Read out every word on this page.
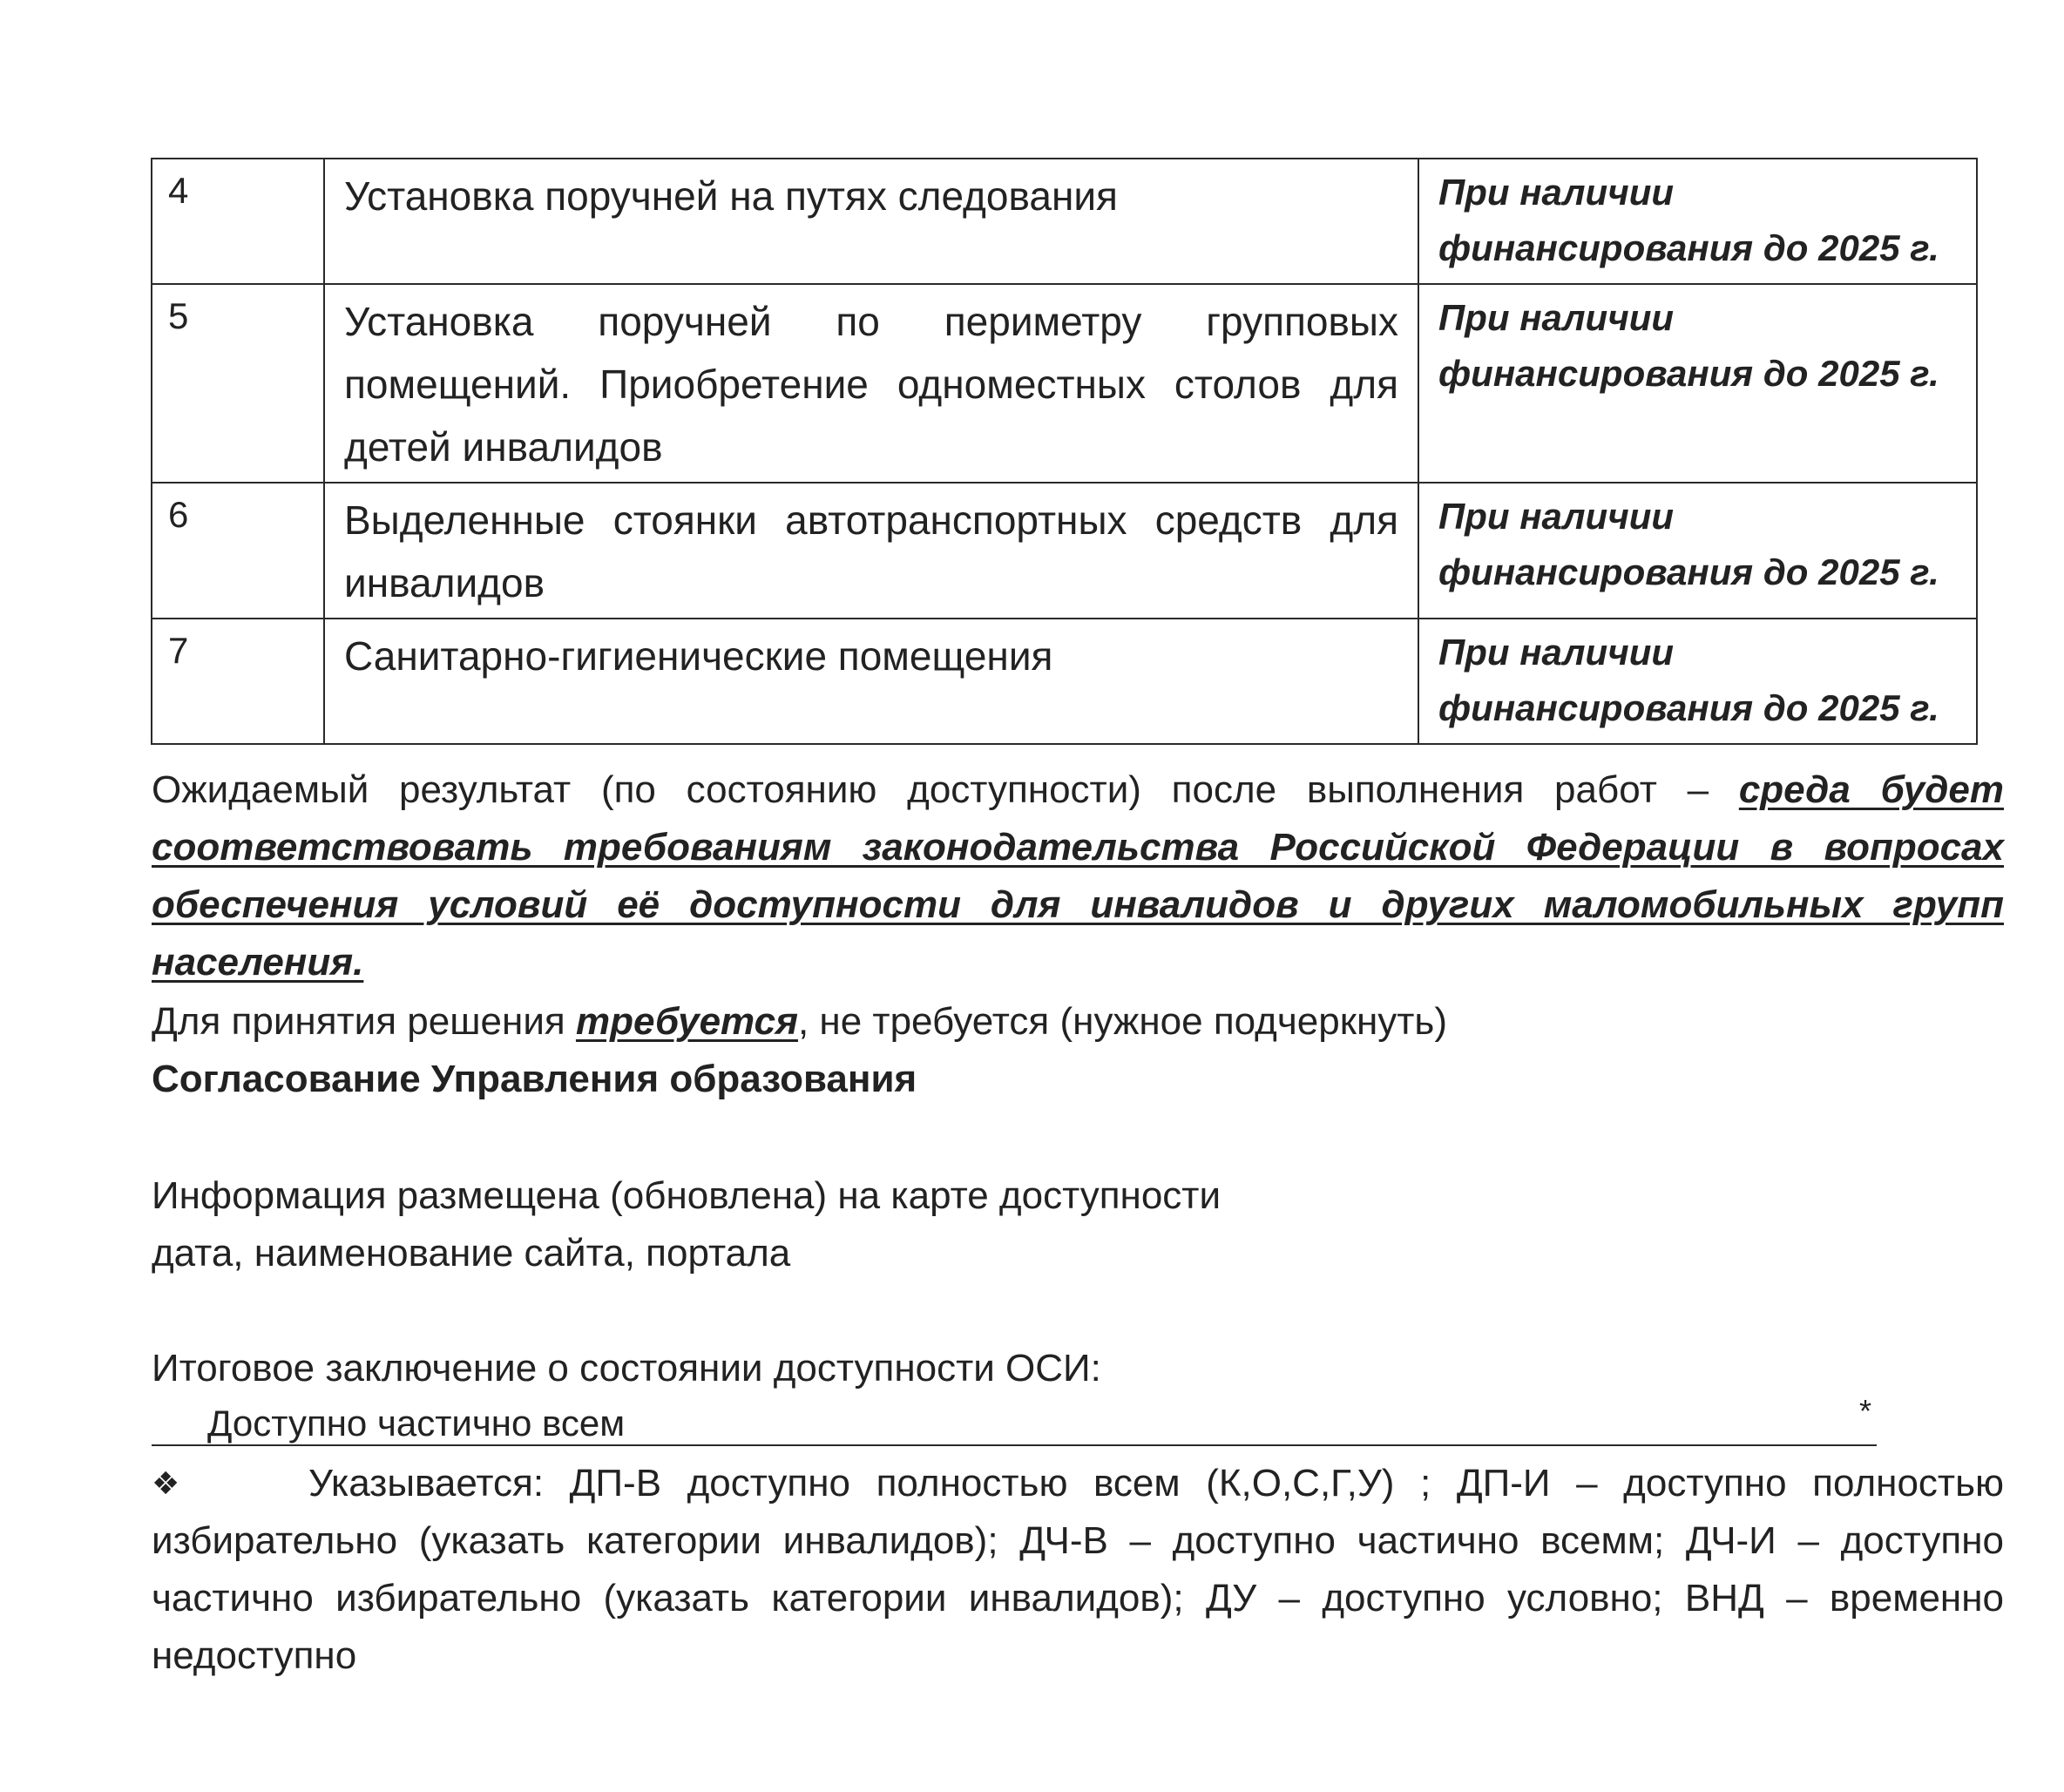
4	Установка поручней на путях следования	При наличии
финансирования до 2025 г.

5	Установка поручней по периметру групповых помещений. Приобретение одноместных столов для детей инвалидов	При наличии
финансирования до 2025 г.

6	Выделенные стоянки автотранспортных средств для инвалидов	При наличии
финансирования до 2025 г.

7	Санитарно-гигиенические помещения	При наличии
финансирования до 2025 г.
Ожидаемый результат (по состоянию доступности) после выполнения работ – среда будет соответствовать требованиям законодательства Российской Федерации в вопросах обеспечения условий её доступности для инвалидов и других маломобильных групп населения.
Для принятия решения требуется, не требуется (нужное подчеркнуть)
Согласование Управления образования
Информация размещена (обновлена) на карте доступности
дата, наименование сайта, портала
Итоговое заключение о состоянии доступности ОСИ:
Доступно частично всем	*
❖	Указывается: ДП-В доступно полностью всем (К,О,С,Г,У) ; ДП-И – доступно полностью избирательно (указать категории инвалидов); ДЧ-В – доступно частично всемм; ДЧ-И – доступно частично избирательно (указать категории инвалидов); ДУ – доступно условно; ВНД – временно недоступно
